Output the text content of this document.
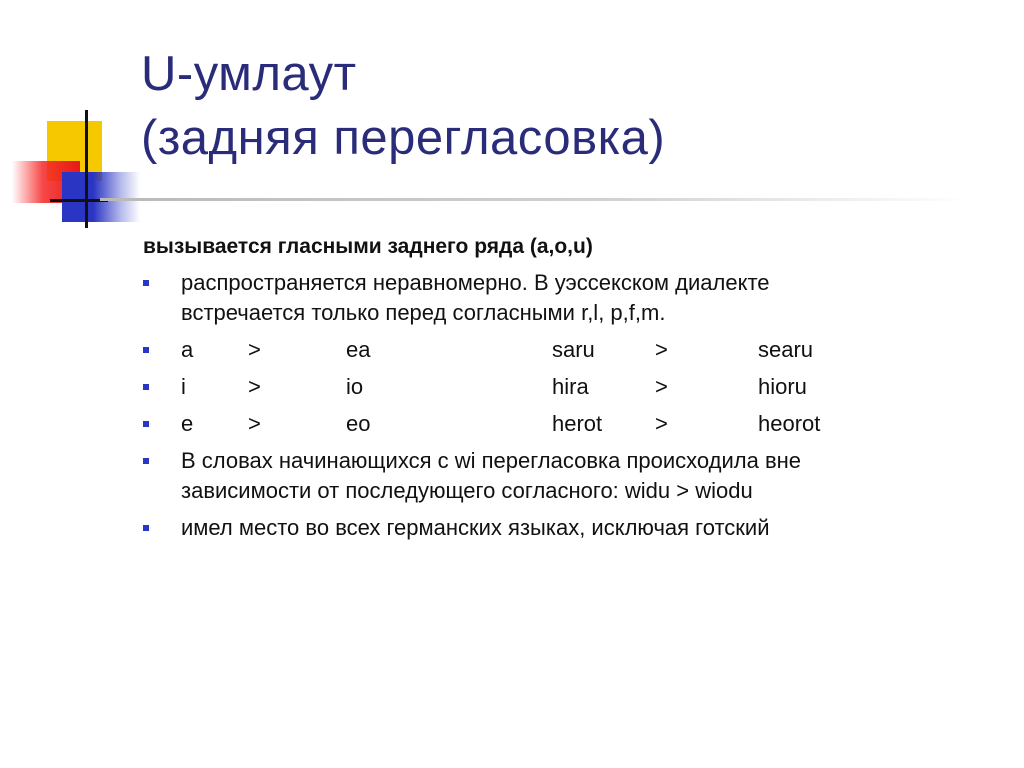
U-умлаут
(задняя перегласовка)
вызывается гласными заднего ряда (a,o,u)
распространяется неравномерно. В уэссекском диалекте
встречается только перед согласными r,l, p,f,m.
a	>	ea	saru	>	searu
i	>	io	hira	>	hioru
e	>	eo	herot	>	heorot
В словах начинающихся с wi перегласовка происходила вне
зависимости от последующего согласного: widu > wiodu
имел место во всех германских языках, исключая готский
